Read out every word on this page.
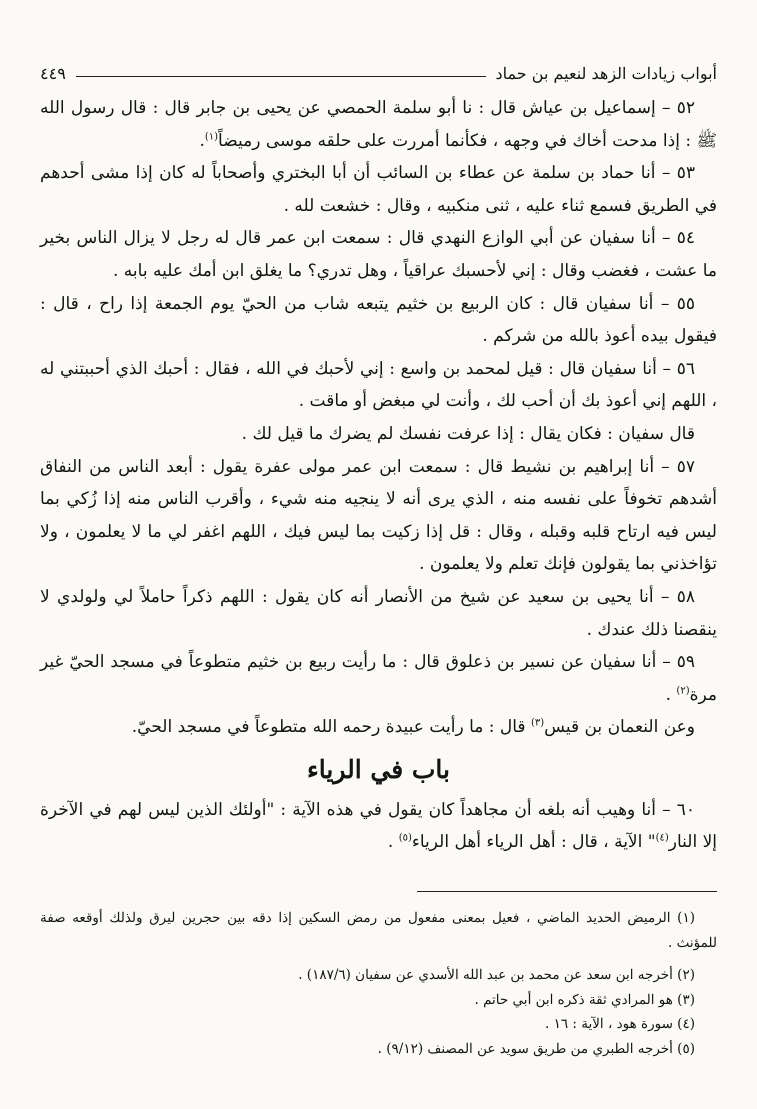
أبواب زيادات الزهد لنعيم بن حماد
٤٤٩

٥٢ – إسماعيل بن عياش قال : نا أبو سلمة الحمصي عن يحيى بن جابر قال : قال رسول الله ﷺ : إذا مدحت أخاك في وجهه ، فكأنما أمررت على حلقه موسى رميضاً$^{(١)}$.

٥٣ – أنا حماد بن سلمة عن عطاء بن السائب أن أبا البختري وأصحاباً له كان إذا مشى أحدهم في الطريق فسمع ثناء عليه ، ثنى منكبيه ، وقال : خشعت لله .

٥٤ – أنا سفيان عن أبي الوازع النهدي قال : سمعت ابن عمر قال له رجل لا يزال الناس بخير ما عشت ، فغضب وقال : إني لأحسبك عراقياً ، وهل تدري؟ ما يغلق ابن أمك عليه بابه .

٥٥ – أنا سفيان قال : كان الربيع بن خثيم يتبعه شاب من الحيّ يوم الجمعة إذا راح ، قال : فيقول بيده أعوذ بالله من شركم .

٥٦ – أنا سفيان قال : قيل لمحمد بن واسع : إني لأحبك في الله ، فقال : أحبك الذي أحببتني له ، اللهم إني أعوذ بك أن أحب لك ، وأنت لي مبغض أو ماقت .

قال سفيان : فكان يقال : إذا عرفت نفسك لم يضرك ما قيل لك .

٥٧ – أنا إبراهيم بن نشيط قال : سمعت ابن عمر مولى عفرة يقول : أبعد الناس من النفاق أشدهم تخوفاً على نفسه منه ، الذي يرى أنه لا ينجيه منه شيء ، وأقرب الناس منه إذا زُكي بما ليس فيه ارتاح قلبه وقبله ، وقال : قل إذا زكيت بما ليس فيك ، اللهم اغفر لي ما لا يعلمون ، ولا تؤاخذني بما يقولون فإنك تعلم ولا يعلمون .

٥٨ – أنا يحيى بن سعيد عن شيخ من الأنصار أنه كان يقول : اللهم ذكراً حاملاً لي ولولدي لا ينقصنا ذلك عندك .

٥٩ – أنا سفيان عن نسير بن ذعلوق قال : ما رأيت ربيع بن خثيم متطوعاً في مسجد الحيّ غير مرة$^{(٢)}$ .

وعن النعمان بن قيس$^{(٣)}$ قال : ما رأيت عبيدة رحمه الله متطوعاً في مسجد الحيّ.

باب في الرياء

٦٠ – أنا وهيب أنه بلغه أن مجاهداً كان يقول في هذه الآية : "أولئك الذين ليس لهم في الآخرة إلا النار$^{(٤)}$" الآية ، قال : أهل الرياء أهل الرياء$^{(٥)}$ .

(١) الرميض الحديد الماضي ، فعيل بمعنى مفعول من رمض السكين إذا دقه بين حجرين ليرق ولذلك أوقعه صفة للمؤنث .

(٢) أخرجه ابن سعد عن محمد بن عبد الله الأسدي عن سفيان (١٨٧/٦) .

(٣) هو المرادي ثقة ذكره ابن أبي حاتم .

(٤) سورة هود ، الآية : ١٦ .

(٥) أخرجه الطبري من طريق سويد عن المصنف (٩/١٢) .
